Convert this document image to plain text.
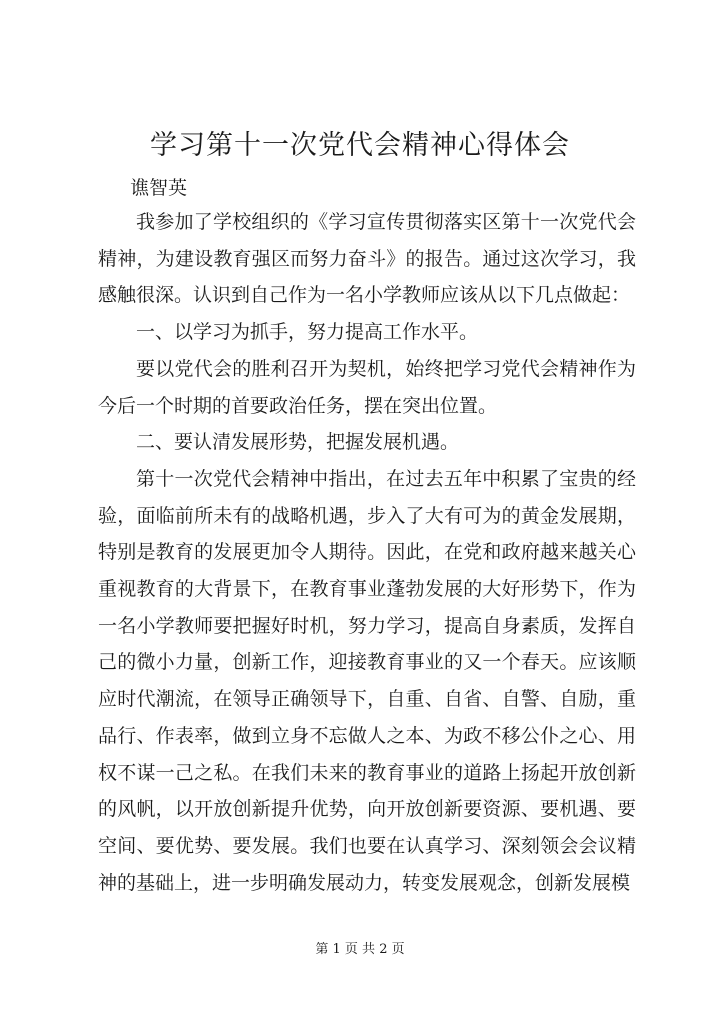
学习第十一次党代会精神心得体会
谯智英

我参加了学校组织的《学习宣传贯彻落实区第十一次党代会精神，为建设教育强区而努力奋斗》的报告。通过这次学习，我感触很深。认识到自己作为一名小学教师应该从以下几点做起：

一、以学习为抓手，努力提高工作水平。

要以党代会的胜利召开为契机，始终把学习党代会精神作为今后一个时期的首要政治任务，摆在突出位置。

二、要认清发展形势，把握发展机遇。

第十一次党代会精神中指出，在过去五年中积累了宝贵的经验，面临前所未有的战略机遇，步入了大有可为的黄金发展期，特别是教育的发展更加令人期待。因此，在党和政府越来越关心重视教育的大背景下，在教育事业蓬勃发展的大好形势下，作为一名小学教师要把握好时机，努力学习，提高自身素质，发挥自己的微小力量，创新工作，迎接教育事业的又一个春天。应该顺应时代潮流，在领导正确领导下，自重、自省、自警、自励，重品行、作表率，做到立身不忘做人之本、为政不移公仆之心、用权不谋一己之私。在我们未来的教育事业的道路上扬起开放创新的风帆，以开放创新提升优势，向开放创新要资源、要机遇、要空间、要优势、要发展。我们也要在认真学习、深刻领会会议精神的基础上，进一步明确发展动力，转变发展观念，创新发展模

第 1 页 共 2 页
